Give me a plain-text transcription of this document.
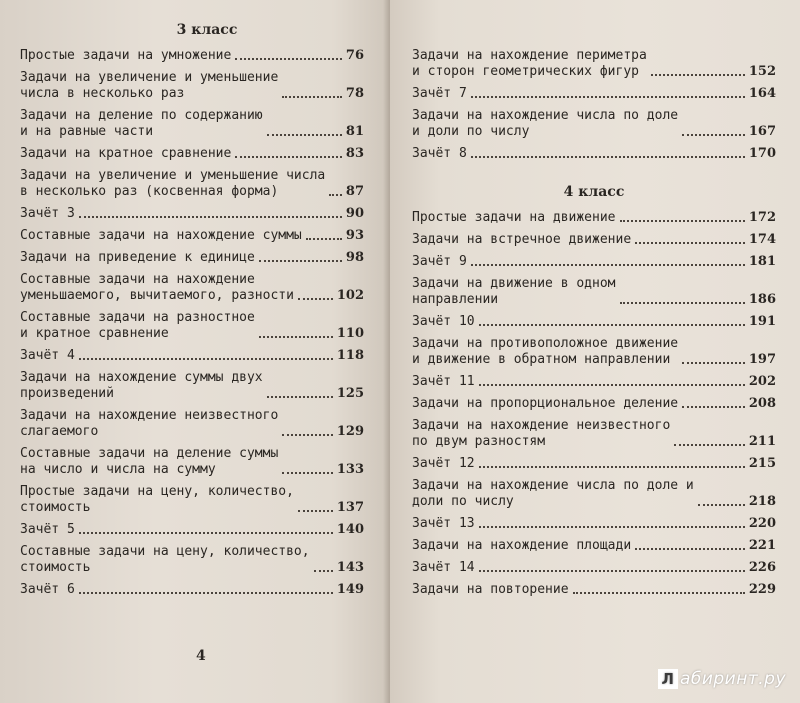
3 класс
Простые задачи на умножение	76
Задачи на увеличение и уменьшение
числа в несколько раз	78
Задачи на деление по содержанию
и на равные части	81
Задачи на кратное сравнение	83
Задачи на увеличение и уменьшение числа
в несколько раз (косвенная форма)	87
Зачёт 3	90
Составные задачи на нахождение суммы	93
Задачи на приведение к единице	98
Составные задачи на нахождение
уменьшаемого, вычитаемого, разности	102
Составные задачи на разностное
и кратное сравнение	110
Зачёт 4	118
Задачи на нахождение суммы двух
произведений	125
Задачи на нахождение неизвестного
слагаемого	129
Составные задачи на деление суммы
на число и числа на сумму	133
Простые задачи на цену, количество,
стоимость	137
Зачёт 5	140
Составные задачи на цену, количество,
стоимость	143
Зачёт 6	149
4
Задачи на нахождение периметра
и сторон геометрических фигур	152
Зачёт 7	164
Задачи на нахождение числа по доле
и доли по числу	167
Зачёт 8	170
4 класс
Простые задачи на движение	172
Задачи на встречное движение	174
Зачёт 9	181
Задачи на движение в одном
направлении	186
Зачёт 10	191
Задачи на противоположное движение
и движение в обратном направлении	197
Зачёт 11	202
Задачи на пропорциональное деление	208
Задачи на нахождение неизвестного
по двум разностям	211
Зачёт 12	215
Задачи на нахождение числа по доле и
доли по числу	218
Зачёт 13	220
Задачи на нахождение площади	221
Зачёт 14	226
Задачи на повторение	229
Л абиринт.ру
